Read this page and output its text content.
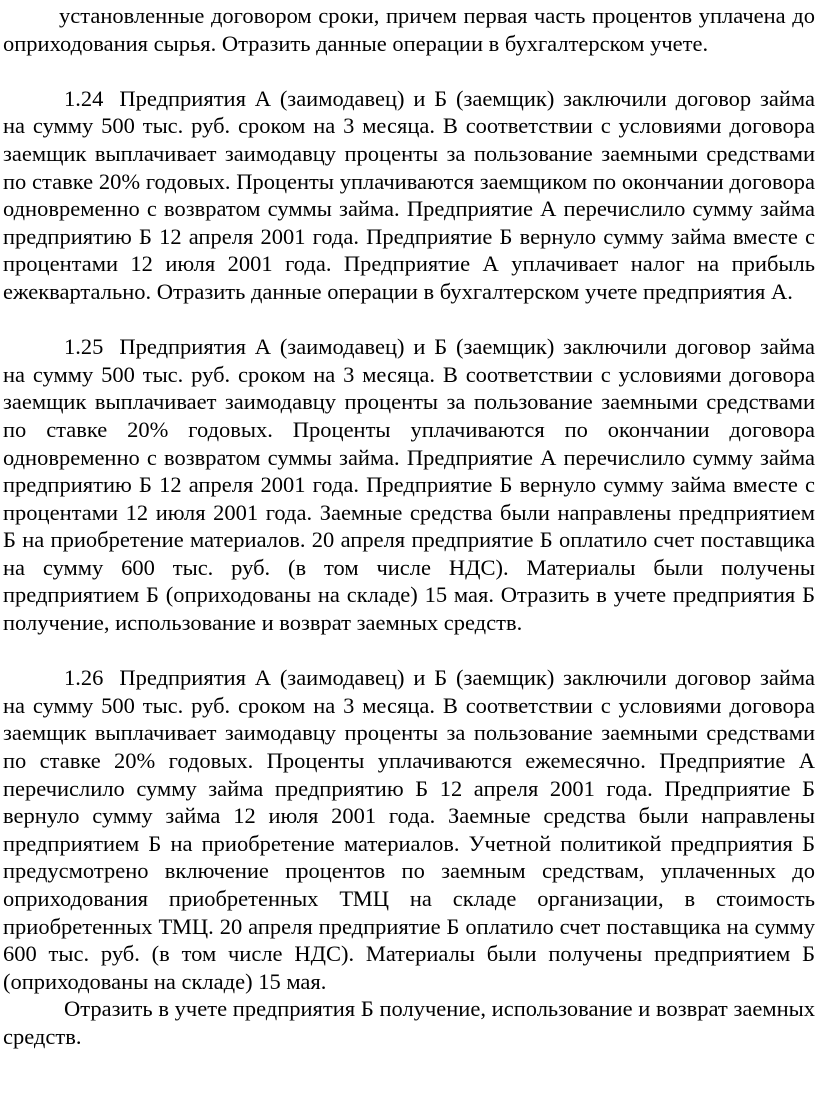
установленные договором сроки, причем первая часть процентов уплачена до оприходования сырья. Отразить данные операции в бухгалтерском учете.

1.24 Предприятия А (заимодавец) и Б (заемщик) заключили договор займа на сумму 500 тыс. руб. сроком на 3 месяца. В соответствии с условиями договора заемщик выплачивает заимодавцу проценты за пользование заемными средствами по ставке 20% годовых. Проценты уплачиваются заемщиком по окончании договора одновременно с возвратом суммы займа. Предприятие А перечислило сумму займа предприятию Б 12 апреля 2001 года. Предприятие Б вернуло сумму займа вместе с процентами 12 июля 2001 года. Предприятие А уплачивает налог на прибыль ежеквартально. Отразить данные операции в бухгалтерском учете предприятия А.

1.25 Предприятия А (заимодавец) и Б (заемщик) заключили договор займа на сумму 500 тыс. руб. сроком на 3 месяца. В соответствии с условиями договора заемщик выплачивает заимодавцу проценты за пользование заемными средствами по ставке 20% годовых. Проценты уплачиваются по окончании договора одновременно с возвратом суммы займа. Предприятие А перечислило сумму займа предприятию Б 12 апреля 2001 года. Предприятие Б вернуло сумму займа вместе с процентами 12 июля 2001 года. Заемные средства были направлены предприятием Б на приобретение материалов. 20 апреля предприятие Б оплатило счет поставщика на сумму 600 тыс. руб. (в том числе НДС). Материалы были получены предприятием Б (оприходованы на складе) 15 мая. Отразить в учете предприятия Б получение, использование и возврат заемных средств.

1.26 Предприятия А (заимодавец) и Б (заемщик) заключили договор займа на сумму 500 тыс. руб. сроком на 3 месяца. В соответствии с условиями договора заемщик выплачивает заимодавцу проценты за пользование заемными средствами по ставке 20% годовых. Проценты уплачиваются ежемесячно. Предприятие А перечислило сумму займа предприятию Б 12 апреля 2001 года. Предприятие Б вернуло сумму займа 12 июля 2001 года. Заемные средства были направлены предприятием Б на приобретение материалов. Учетной политикой предприятия Б предусмотрено включение процентов по заемным средствам, уплаченных до оприходования приобретенных ТМЦ на складе организации, в стоимость приобретенных ТМЦ. 20 апреля предприятие Б оплатило счет поставщика на сумму 600 тыс. руб. (в том числе НДС). Материалы были получены предприятием Б (оприходованы на складе) 15 мая.

Отразить в учете предприятия Б получение, использование и возврат заемных средств.
